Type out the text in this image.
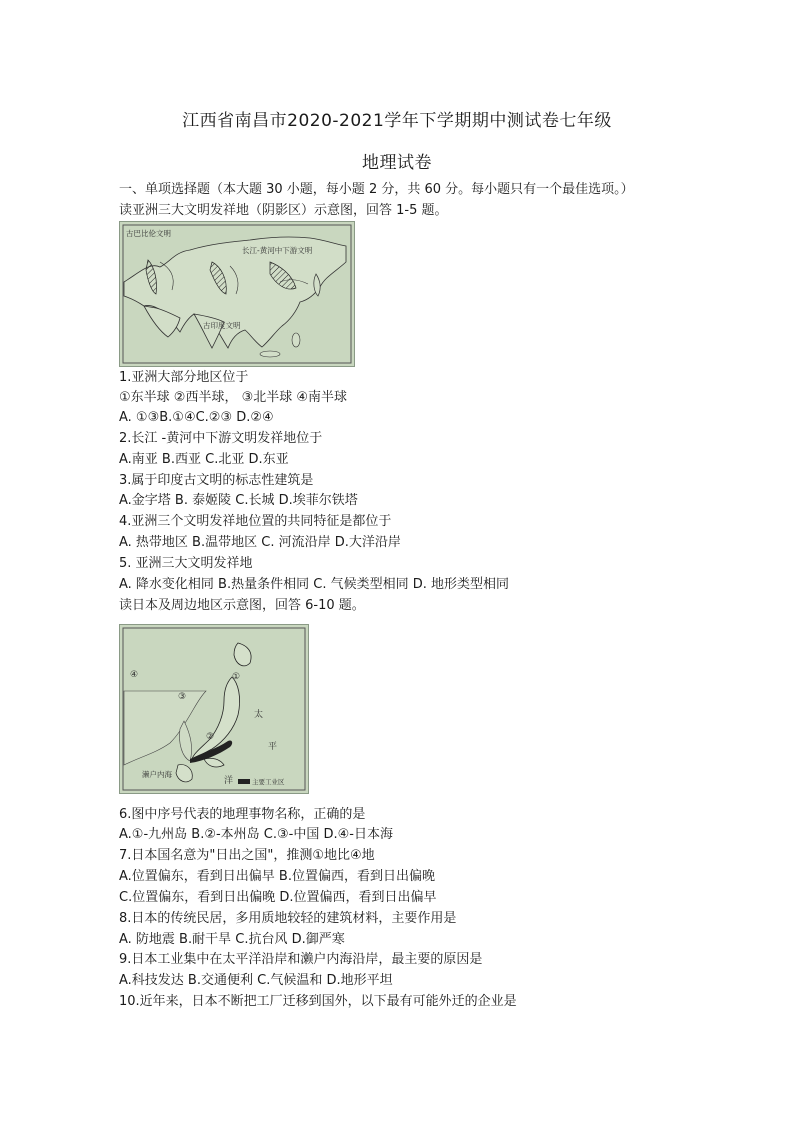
江西省南昌市2020-2021学年下学期期中测试卷七年级
地理试卷
一、单项选择题（本大题 30 小题，每小题 2 分，共 60 分。每小题只有一个最佳选项。）
读亚洲三大文明发祥地（阴影区）示意图，回答 1-5 题。
古巴比伦文明
长江-黄河中下游文明
古印度文明
1.亚洲大部分地区位于
①东半球 ②西半球， ③北半球 ④南半球
A. ①③B.①④C.②③ D.②④
2.长江 -黄河中下游文明发祥地位于
A.南亚 B.西亚 C.北亚 D.东亚
3.属于印度古文明的标志性建筑是
A.金字塔 B. 泰姬陵 C.长城 D.埃菲尔铁塔
4.亚洲三个文明发祥地位置的共同特征是都位于
A. 热带地区 B.温带地区 C. 河流沿岸 D.大洋沿岸
5. 亚洲三大文明发祥地
A. 降水变化相同 B.热量条件相同 C. 气候类型相同 D. 地形类型相同
读日本及周边地区示意图，回答 6-10 题。
①
②
③
④
太
平
洋
濑户内海
主要工业区
6.图中序号代表的地理事物名称，正确的是
A.①-九州岛 B.②-本州岛 C.③-中国 D.④-日本海
7.日本国名意为"日出之国"，推测①地比④地
A.位置偏东，看到日出偏早 B.位置偏西，看到日出偏晚
C.位置偏东，看到日出偏晚 D.位置偏西，看到日出偏早
8.日本的传统民居，多用质地较轻的建筑材料，主要作用是
A. 防地震 B.耐干旱 C.抗台风 D.御严寒
9.日本工业集中在太平洋沿岸和濑户内海沿岸，最主要的原因是
A.科技发达 B.交通便利 C.气候温和 D.地形平坦
10.近年来，日本不断把工厂迁移到国外，以下最有可能外迁的企业是
